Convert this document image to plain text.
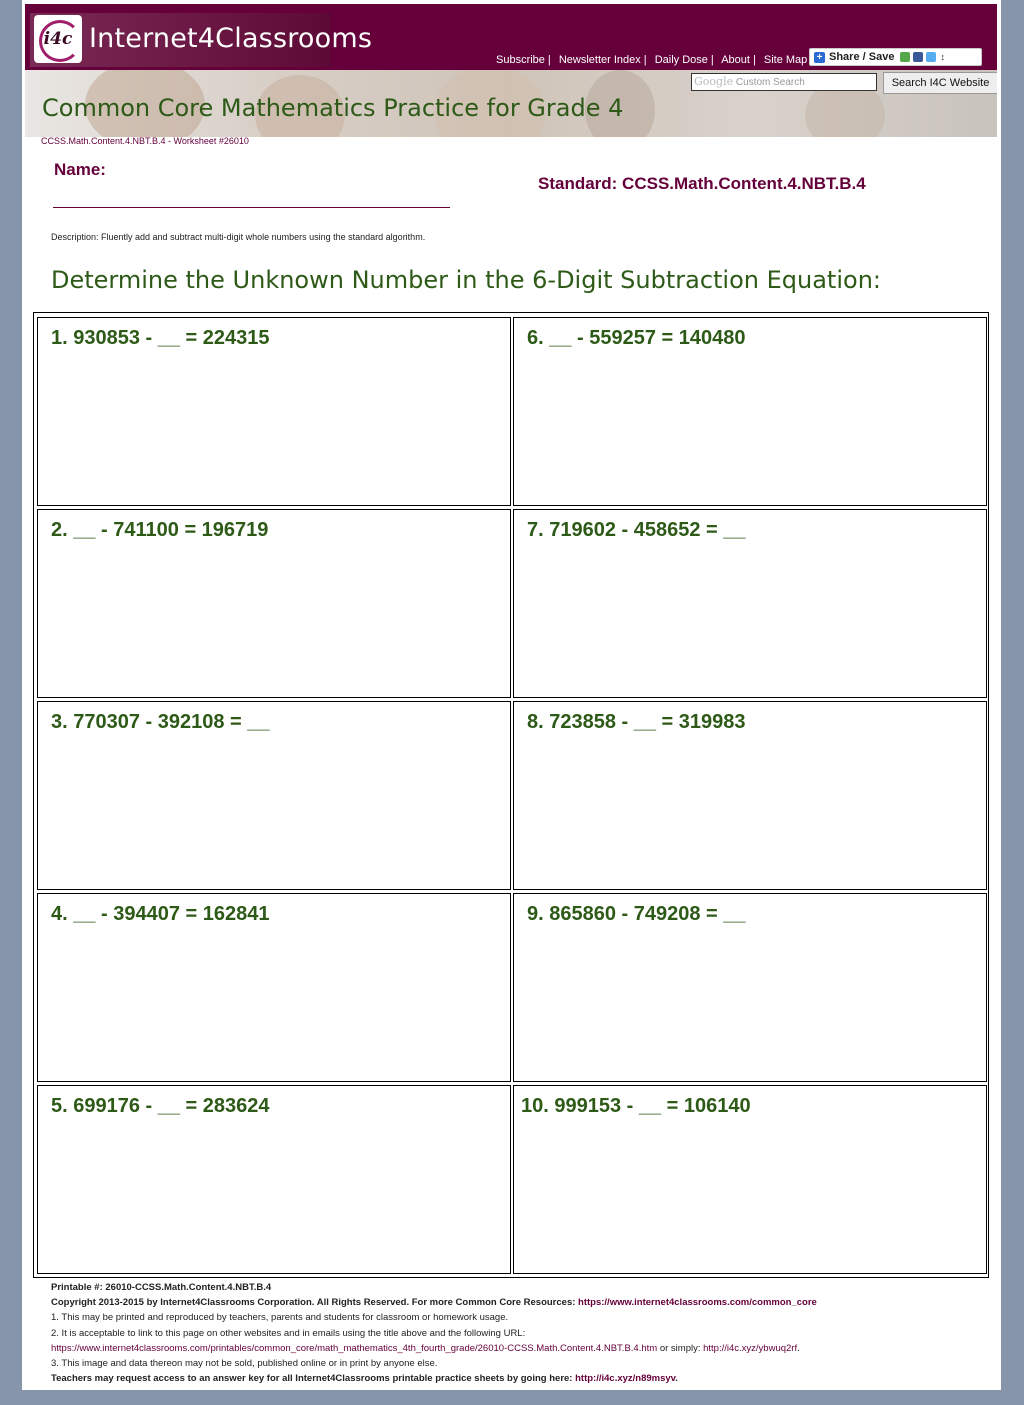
i4c Internet4Classrooms
Subscribe | Newsletter Index | Daily Dose | About | Site Map + Share / Save	↕
Google Custom Search	Search I4C Website
Common Core Mathematics Practice for Grade 4
CCSS.Math.Content.4.NBT.B.4 - Worksheet #26010
Name:
Standard: CCSS.Math.Content.4.NBT.B.4
Description: Fluently add and subtract multi-digit whole numbers using the standard algorithm.
Determine the Unknown Number in the 6-Digit Subtraction Equation:
1. 930853 - __ = 224315
2. __ - 741100 = 196719
3. 770307 - 392108 = __
4. __ - 394407 = 162841
5. 699176 - __ = 283624
6. __ - 559257 = 140480
7. 719602 - 458652 = __
8. 723858 - __ = 319983
9. 865860 - 749208 = __
10. 999153 - __ = 106140
Printable #: 26010-CCSS.Math.Content.4.NBT.B.4
Copyright 2013-2015 by Internet4Classrooms Corporation. All Rights Reserved. For more Common Core Resources: https://www.internet4classrooms.com/common_core
1. This may be printed and reproduced by teachers, parents and students for classroom or homework usage.
2. It is acceptable to link to this page on other websites and in emails using the title above and the following URL:
https://www.internet4classrooms.com/printables/common_core/math_mathematics_4th_fourth_grade/26010-CCSS.Math.Content.4.NBT.B.4.htm or simply: http://i4c.xyz/ybwuq2rf.
3. This image and data thereon may not be sold, published online or in print by anyone else.
Teachers may request access to an answer key for all Internet4Classrooms printable practice sheets by going here: http://i4c.xyz/n89msyv.
